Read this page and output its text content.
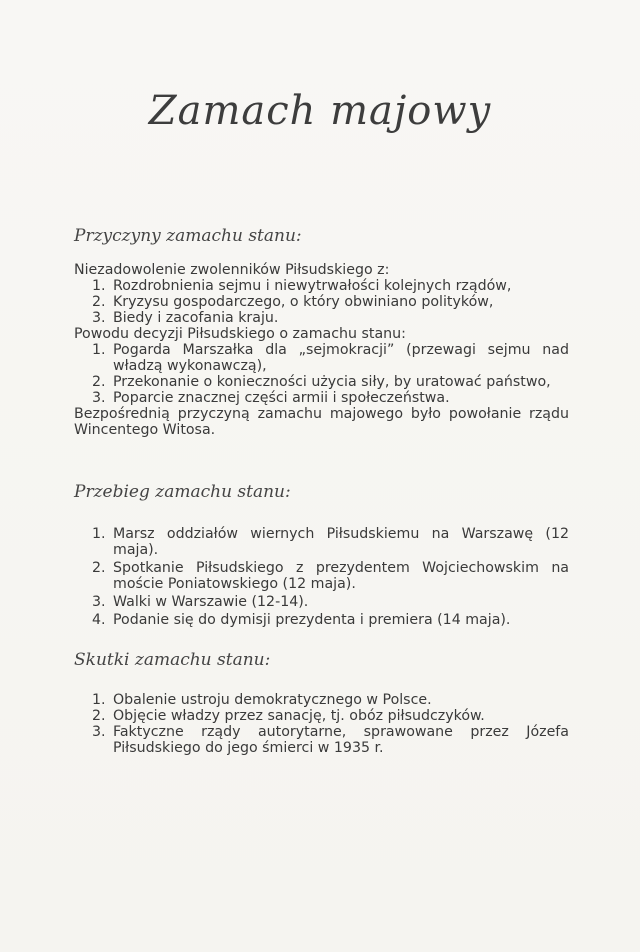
Zamach majowy
Przyczyny zamachu stanu:
Niezadowolenie zwolenników Piłsudskiego z:
1. Rozdrobnienia sejmu i niewytrwałości kolejnych rządów,
2. Kryzysu gospodarczego, o który obwiniano polityków,
3. Biedy i zacofania kraju.
Powodu decyzji Piłsudskiego o zamachu stanu:
1. Pogarda Marszałka dla „sejmokracji” (przewagi sejmu nad władzą wykonawczą),
2. Przekonanie o konieczności użycia siły, by uratować państwo,
3. Poparcie znacznej części armii i społeczeństwa.
Bezpośrednią przyczyną zamachu majowego było powołanie rządu Wincentego Witosa.
Przebieg zamachu stanu:
1. Marsz oddziałów wiernych Piłsudskiemu na Warszawę (12 maja).
2. Spotkanie Piłsudskiego z prezydentem Wojciechowskim na moście Poniatowskiego (12 maja).
3. Walki w Warszawie (12-14).
4. Podanie się do dymisji prezydenta i premiera (14 maja).
Skutki zamachu stanu:
1. Obalenie ustroju demokratycznego w Polsce.
2. Objęcie władzy przez sanację, tj. obóz piłsudczyków.
3. Faktyczne rządy autorytarne, sprawowane przez Józefa Piłsudskiego do jego śmierci w 1935 r.
